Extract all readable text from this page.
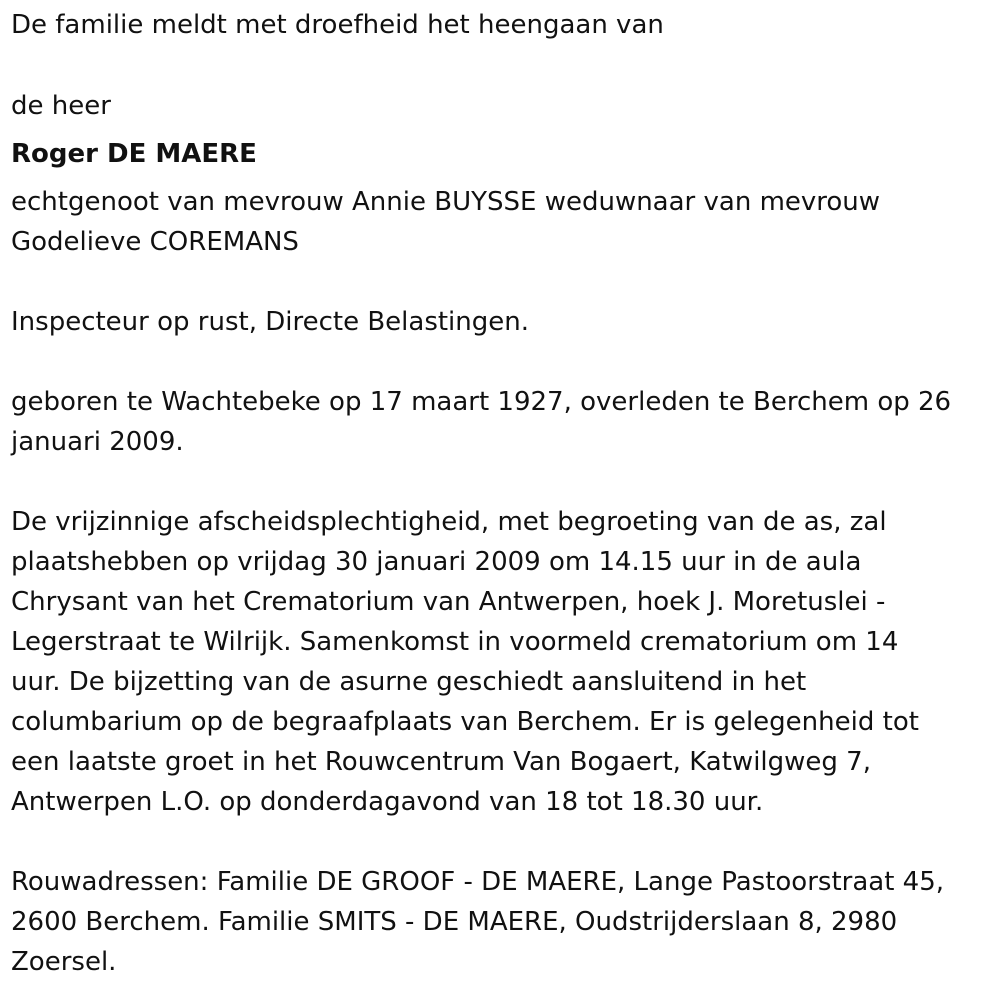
De familie meldt met droefheid het heengaan van

de heer

Roger DE MAERE

echtgenoot van mevrouw Annie BUYSSE weduwnaar van mevrouw

Godelieve COREMANS

Inspecteur op rust, Directe Belastingen.

geboren te Wachtebeke op 17 maart 1927, overleden te Berchem op 26

januari 2009.

De vrijzinnige afscheidsplechtigheid, met begroeting van de as, zal

plaatshebben op vrijdag 30 januari 2009 om 14.15 uur in de aula

Chrysant van het Crematorium van Antwerpen, hoek J. Moretuslei -

Legerstraat te Wilrijk. Samenkomst in voormeld crematorium om 14

uur. De bijzetting van de asurne geschiedt aansluitend in het

columbarium op de begraafplaats van Berchem. Er is gelegenheid tot

een laatste groet in het Rouwcentrum Van Bogaert, Katwilgweg 7,

Antwerpen L.O. op donderdagavond van 18 tot 18.30 uur.

Rouwadressen: Familie DE GROOF - DE MAERE, Lange Pastoorstraat 45,

2600 Berchem. Familie SMITS - DE MAERE, Oudstrijderslaan 8, 2980

Zoersel.
